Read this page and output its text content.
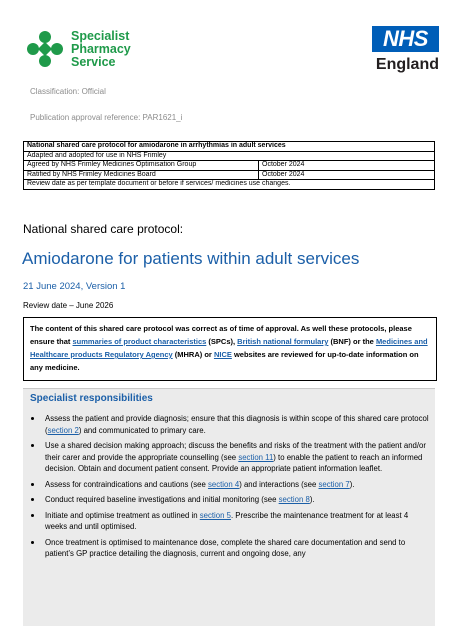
Specialist
Pharmacy
Service
NHS
England
Classification: Official
Publication approval reference: PAR1621_i
National shared care protocol for amiodarone in arrhythmias in adult services	
Adapted and adopted for use in NHS Frimley	
Agreed by NHS Frimley Medicines Optimisation Group	October 2024
Ratified by NHS Frimley Medicines Board	October 2024
Review date as per template document or before if services/ medicines use changes.	
National shared care protocol:
Amiodarone for patients within adult services
21 June 2024, Version 1
Review date – June 2026
The content of this shared care protocol was correct as of time of approval. As well these protocols, please ensure that summaries of product characteristics (SPCs), British national formulary (BNF) or the Medicines and Healthcare products Regulatory Agency (MHRA) or NICE websites are reviewed for up-to-date information on any medicine.
Specialist responsibilities
Assess the patient and provide diagnosis; ensure that this diagnosis is within scope of this shared care protocol (section 2) and communicated to primary care.
Use a shared decision making approach; discuss the benefits and risks of the treatment with the patient and/or their carer and provide the appropriate counselling (see section 11) to enable the patient to reach an informed decision. Obtain and document patient consent. Provide an appropriate patient information leaflet.
Assess for contraindications and cautions (see section 4) and interactions (see section 7).
Conduct required baseline investigations and initial monitoring (see section 8).
Initiate and optimise treatment as outlined in section 5. Prescribe the maintenance treatment for at least 4 weeks and until optimised.
Once treatment is optimised to maintenance dose, complete the shared care documentation and send to patient’s GP practice detailing the diagnosis, current and ongoing dose, any
